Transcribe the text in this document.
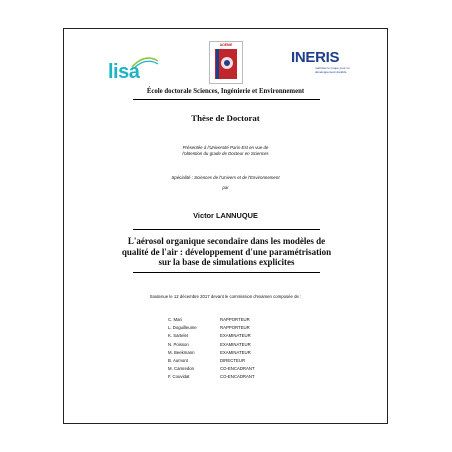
lisa
ADEME
INERIS
maîtriser le risque pour un développement durable
École doctorale Sciences, Ingénierie et Environnement
Thèse de Doctorat
Présentée à l'Université Paris-Est en vue de
l'obtention du grade de Docteur en Sciences
Spécialité : Sciences de l'Univers et de l'Environnement
par
Victor LANNUQUE
L'aérosol organique secondaire dans les modèles de
qualité de l'air : développement d'une paramétrisation
sur la base de simulations explicites
Soutenue le 12 décembre 2017 devant le commission d'examen composée de :
C. Mari	RAPPORTEUR
L. Doguilleume	RAPPORTEUR
K. Sartelet	EXAMINATEUR
N. Poisson	EXAMINATEUR
M. Beekmann	EXAMINATEUR
B. Aumont	DIRECTEUR
M. Camredon	CO-ENCADRANT
F. Couvidat	CO-ENCADRANT
